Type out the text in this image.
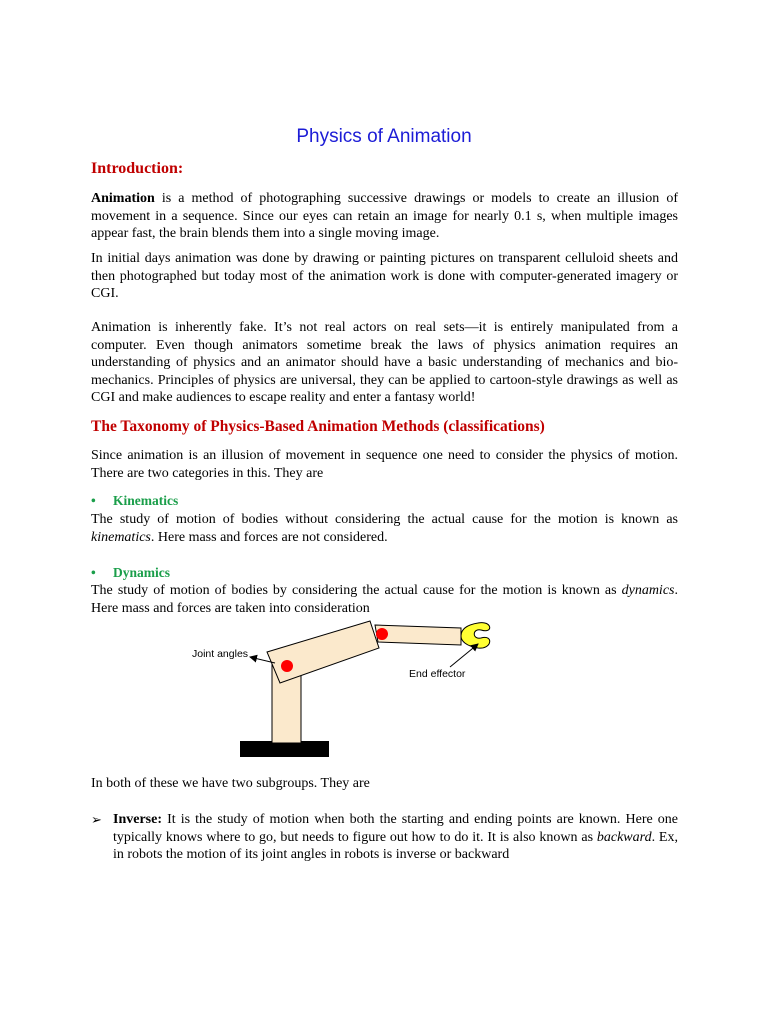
Physics of Animation
Introduction:
Animation is a method of photographing successive drawings or models to create an illusion of movement in a sequence. Since our eyes can retain an image for nearly 0.1 s, when multiple images appear fast, the brain blends them into a single moving image.
In initial days animation was done by drawing or painting pictures on transparent celluloid sheets and then photographed but today most of the animation work is done with computer-generated imagery or CGI.
Animation is inherently fake. It’s not real actors on real sets—it is entirely manipulated from a computer. Even though animators sometime break the laws of physics animation requires an understanding of physics and an animator should have a basic understanding of mechanics and bio-mechanics. Principles of physics are universal, they can be applied to cartoon-style drawings as well as CGI and make audiences to escape reality and enter a fantasy world!
The Taxonomy of Physics-Based Animation Methods (classifications)
Since animation is an illusion of movement in sequence one need to consider the physics of motion. There are two categories in this. They are
• Kinematics
The study of motion of bodies without considering the actual cause for the motion is known as kinematics. Here mass and forces are not considered.
• Dynamics
The study of motion of bodies by considering the actual cause for the motion is known as dynamics. Here mass and forces are taken into consideration
Joint angles
End effector
In both of these we have two subgroups. They are
➢ Inverse: It is the study of motion when both the starting and ending points are known. Here one typically knows where to go, but needs to figure out how to do it. It is also known as backward. Ex, in robots the motion of its joint angles in robots is inverse or backward
